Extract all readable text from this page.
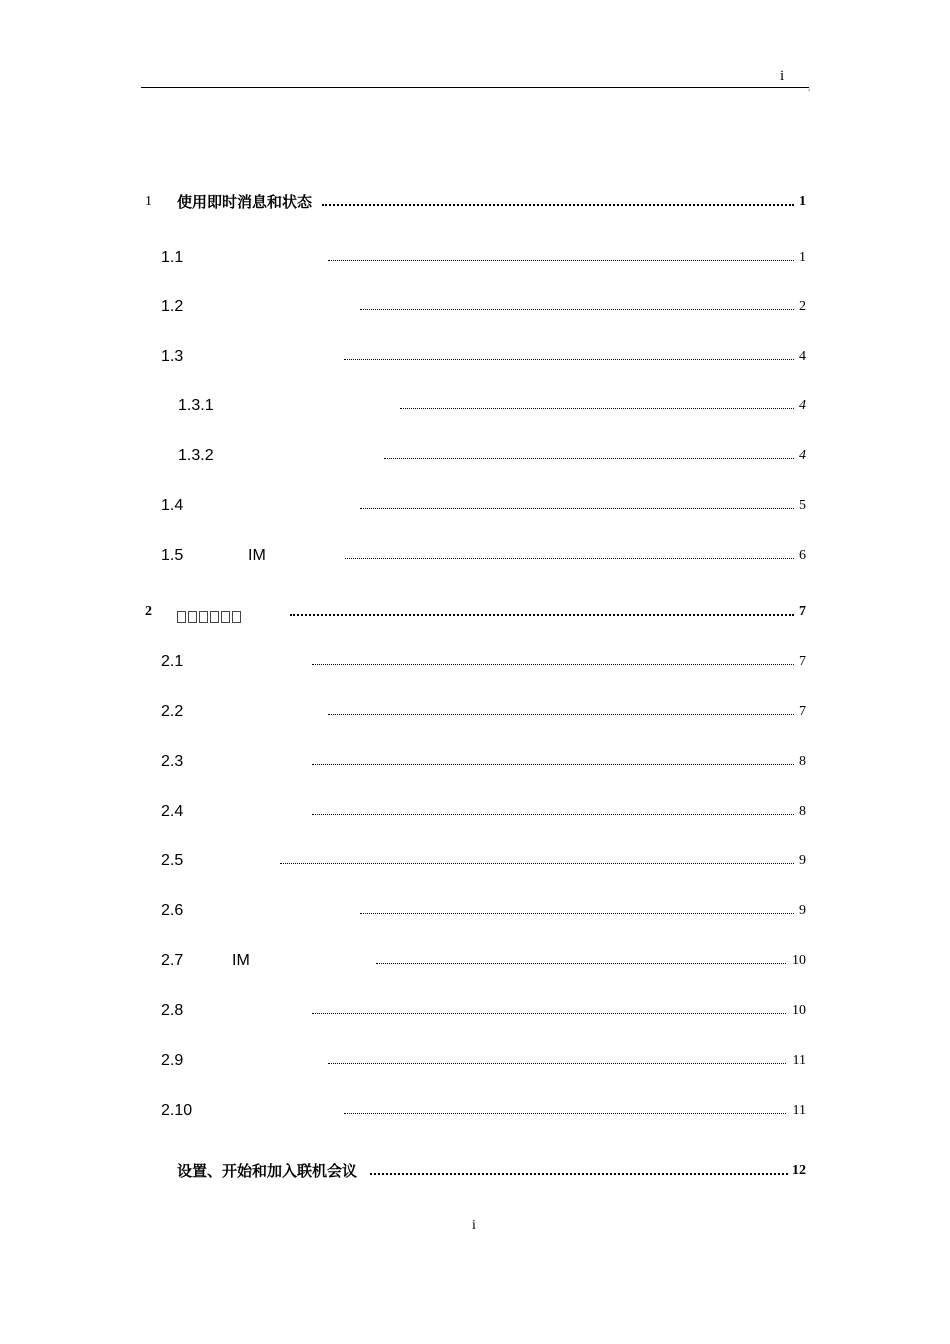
i
,
1 使用即时消息和状态	1
1.1	1
1.2	2
1.3	4
1.3.1	4
1.3.2	4
1.4	5
1.5	IM	6
2	7
2.1	7
2.2	7
2.3	8
2.4	8
2.5	9
2.6	9
2.7	IM	10
2.8	10
2.9	11
2.10	11
设置、开始和加入联机会议	12
i
